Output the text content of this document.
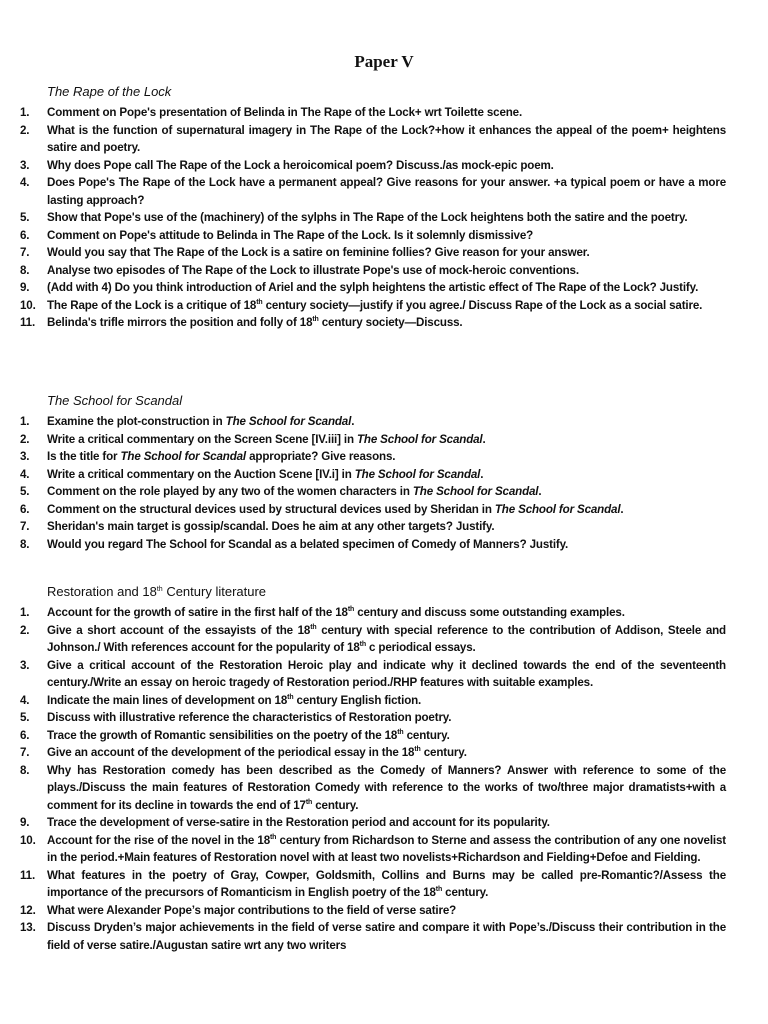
Paper V
The Rape of the Lock
1. Comment on Pope's presentation of Belinda in The Rape of the Lock+ wrt Toilette scene.
2. What is the function of supernatural imagery in The Rape of the Lock?+how it enhances the appeal of the poem+ heightens satire and poetry.
3. Why does Pope call The Rape of the Lock a heroicomical poem? Discuss./as mock-epic poem.
4. Does Pope's The Rape of the Lock have a permanent appeal? Give reasons for your answer. +a typical poem or have a more lasting approach?
5. Show that Pope's use of the (machinery) of the sylphs in The Rape of the Lock heightens both the satire and the poetry.
6. Comment on Pope's attitude to Belinda in The Rape of the Lock. Is it solemnly dismissive?
7. Would you say that The Rape of the Lock is a satire on feminine follies? Give reason for your answer.
8. Analyse two episodes of The Rape of the Lock to illustrate Pope's use of mock-heroic conventions.
9. (Add with 4) Do you think introduction of Ariel and the sylph heightens the artistic effect of The Rape of the Lock? Justify.
10. The Rape of the Lock is a critique of 18th century society—justify if you agree./ Discuss Rape of the Lock as a social satire.
11. Belinda's trifle mirrors the position and folly of 18th century society—Discuss.
The School for Scandal
1. Examine the plot-construction in The School for Scandal.
2. Write a critical commentary on the Screen Scene [IV.iii] in The School for Scandal.
3. Is the title for The School for Scandal appropriate? Give reasons.
4. Write a critical commentary on the Auction Scene [IV.i] in The School for Scandal.
5. Comment on the role played by any two of the women characters in The School for Scandal.
6. Comment on the structural devices used by structural devices used by Sheridan in The School for Scandal.
7. Sheridan's main target is gossip/scandal. Does he aim at any other targets? Justify.
8. Would you regard The School for Scandal as a belated specimen of Comedy of Manners? Justify.
Restoration and 18th Century literature
1. Account for the growth of satire in the first half of the 18th century and discuss some outstanding examples.
2. Give a short account of the essayists of the 18th century with special reference to the contribution of Addison, Steele and Johnson./ With references account for the popularity of 18th c periodical essays.
3. Give a critical account of the Restoration Heroic play and indicate why it declined towards the end of the seventeenth century./Write an essay on heroic tragedy of Restoration period./RHP features with suitable examples.
4. Indicate the main lines of development on 18th century English fiction.
5. Discuss with illustrative reference the characteristics of Restoration poetry.
6. Trace the growth of Romantic sensibilities on the poetry of the 18th century.
7. Give an account of the development of the periodical essay in the 18th century.
8. Why has Restoration comedy has been described as the Comedy of Manners? Answer with reference to some of the plays./Discuss the main features of Restoration Comedy with reference to the works of two/three major dramatists+with a comment for its decline in towards the end of 17th century.
9. Trace the development of verse-satire in the Restoration period and account for its popularity.
10. Account for the rise of the novel in the 18th century from Richardson to Sterne and assess the contribution of any one novelist in the period.+Main features of Restoration novel with at least two novelists+Richardson and Fielding+Defoe and Fielding.
11. What features in the poetry of Gray, Cowper, Goldsmith, Collins and Burns may be called pre-Romantic?/Assess the importance of the precursors of Romanticism in English poetry of the 18th century.
12. What were Alexander Pope’s major contributions to the field of verse satire?
13. Discuss Dryden’s major achievements in the field of verse satire and compare it with Pope’s./Discuss their contribution in the field of verse satire./Augustan satire wrt any two writers
